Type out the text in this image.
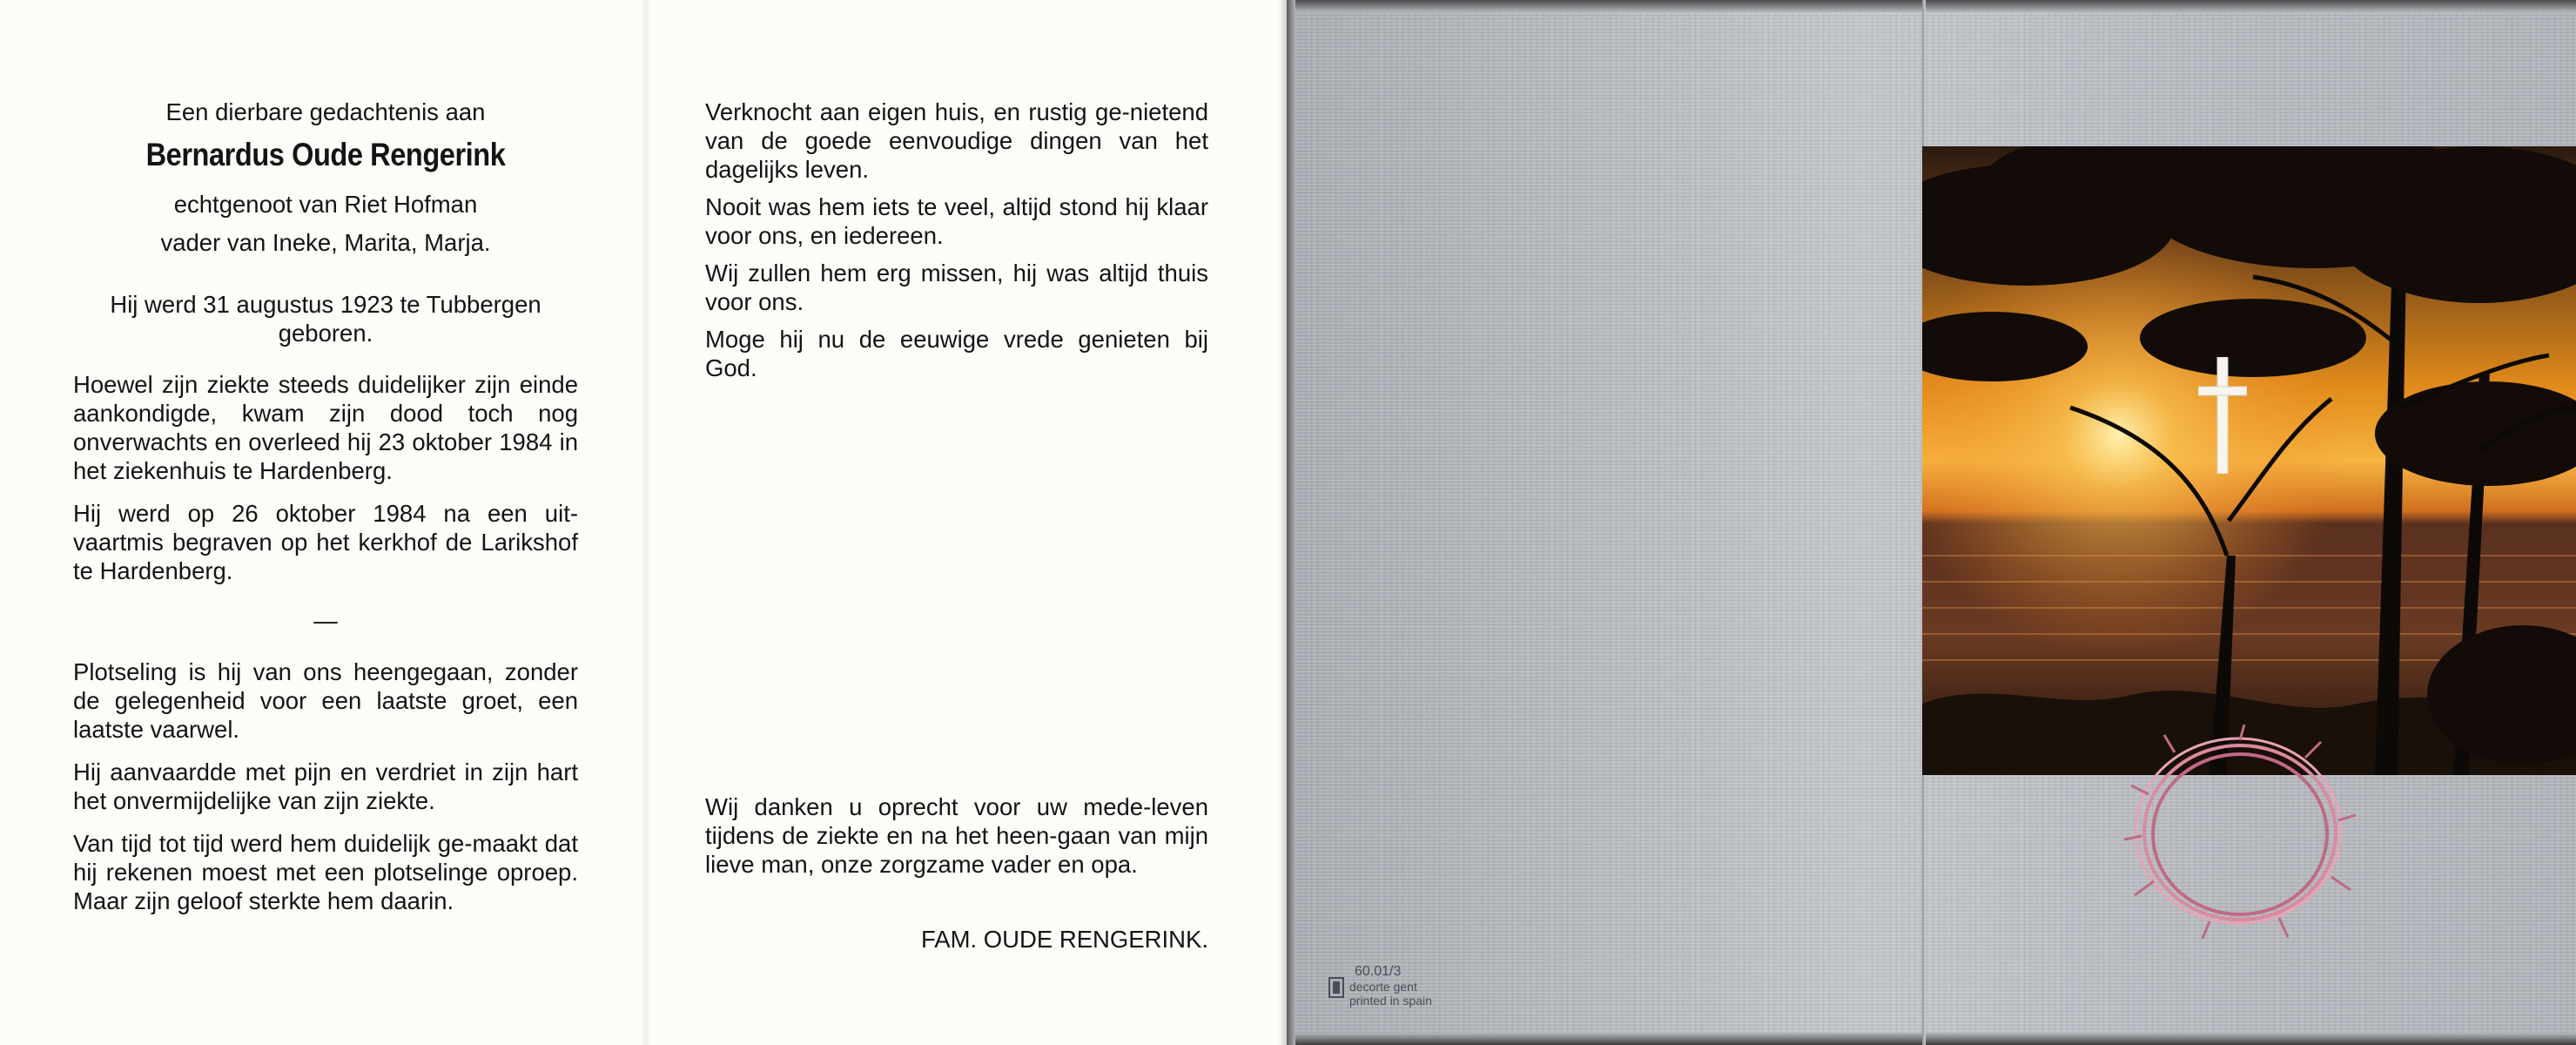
Een dierbare gedachtenis aan

Bernardus Oude Rengerink

echtgenoot van Riet Hofman

vader van Ineke, Marita, Marja.

Hij werd 31 augustus 1923 te Tubbergen geboren.

Hoewel zijn ziekte steeds duidelijker zijn einde aankondigde, kwam zijn dood toch nog onverwachts en overleed hij 23 oktober 1984 in het ziekenhuis te Hardenberg.

Hij werd op 26 oktober 1984 na een uit-vaartmis begraven op het kerkhof de Larikshof te Hardenberg.

—

Plotseling is hij van ons heengegaan, zonder de gelegenheid voor een laatste groet, een laatste vaarwel.

Hij aanvaardde met pijn en verdriet in zijn hart het onvermijdelijke van zijn ziekte.

Van tijd tot tijd werd hem duidelijk ge-maakt dat hij rekenen moest met een plotselinge oproep. Maar zijn geloof sterkte hem daarin.

Verknocht aan eigen huis, en rustig ge-nietend van de goede eenvoudige dingen van het dagelijks leven.

Nooit was hem iets te veel, altijd stond hij klaar voor ons, en iedereen.

Wij zullen hem erg missen, hij was altijd thuis voor ons.

Moge hij nu de eeuwige vrede genieten bij God.

Wij danken u oprecht voor uw mede-leven tijdens de ziekte en na het heen-gaan van mijn lieve man, onze zorgzame vader en opa.

FAM. OUDE RENGERINK.

60.01/3
decorte gent
printed in spain
